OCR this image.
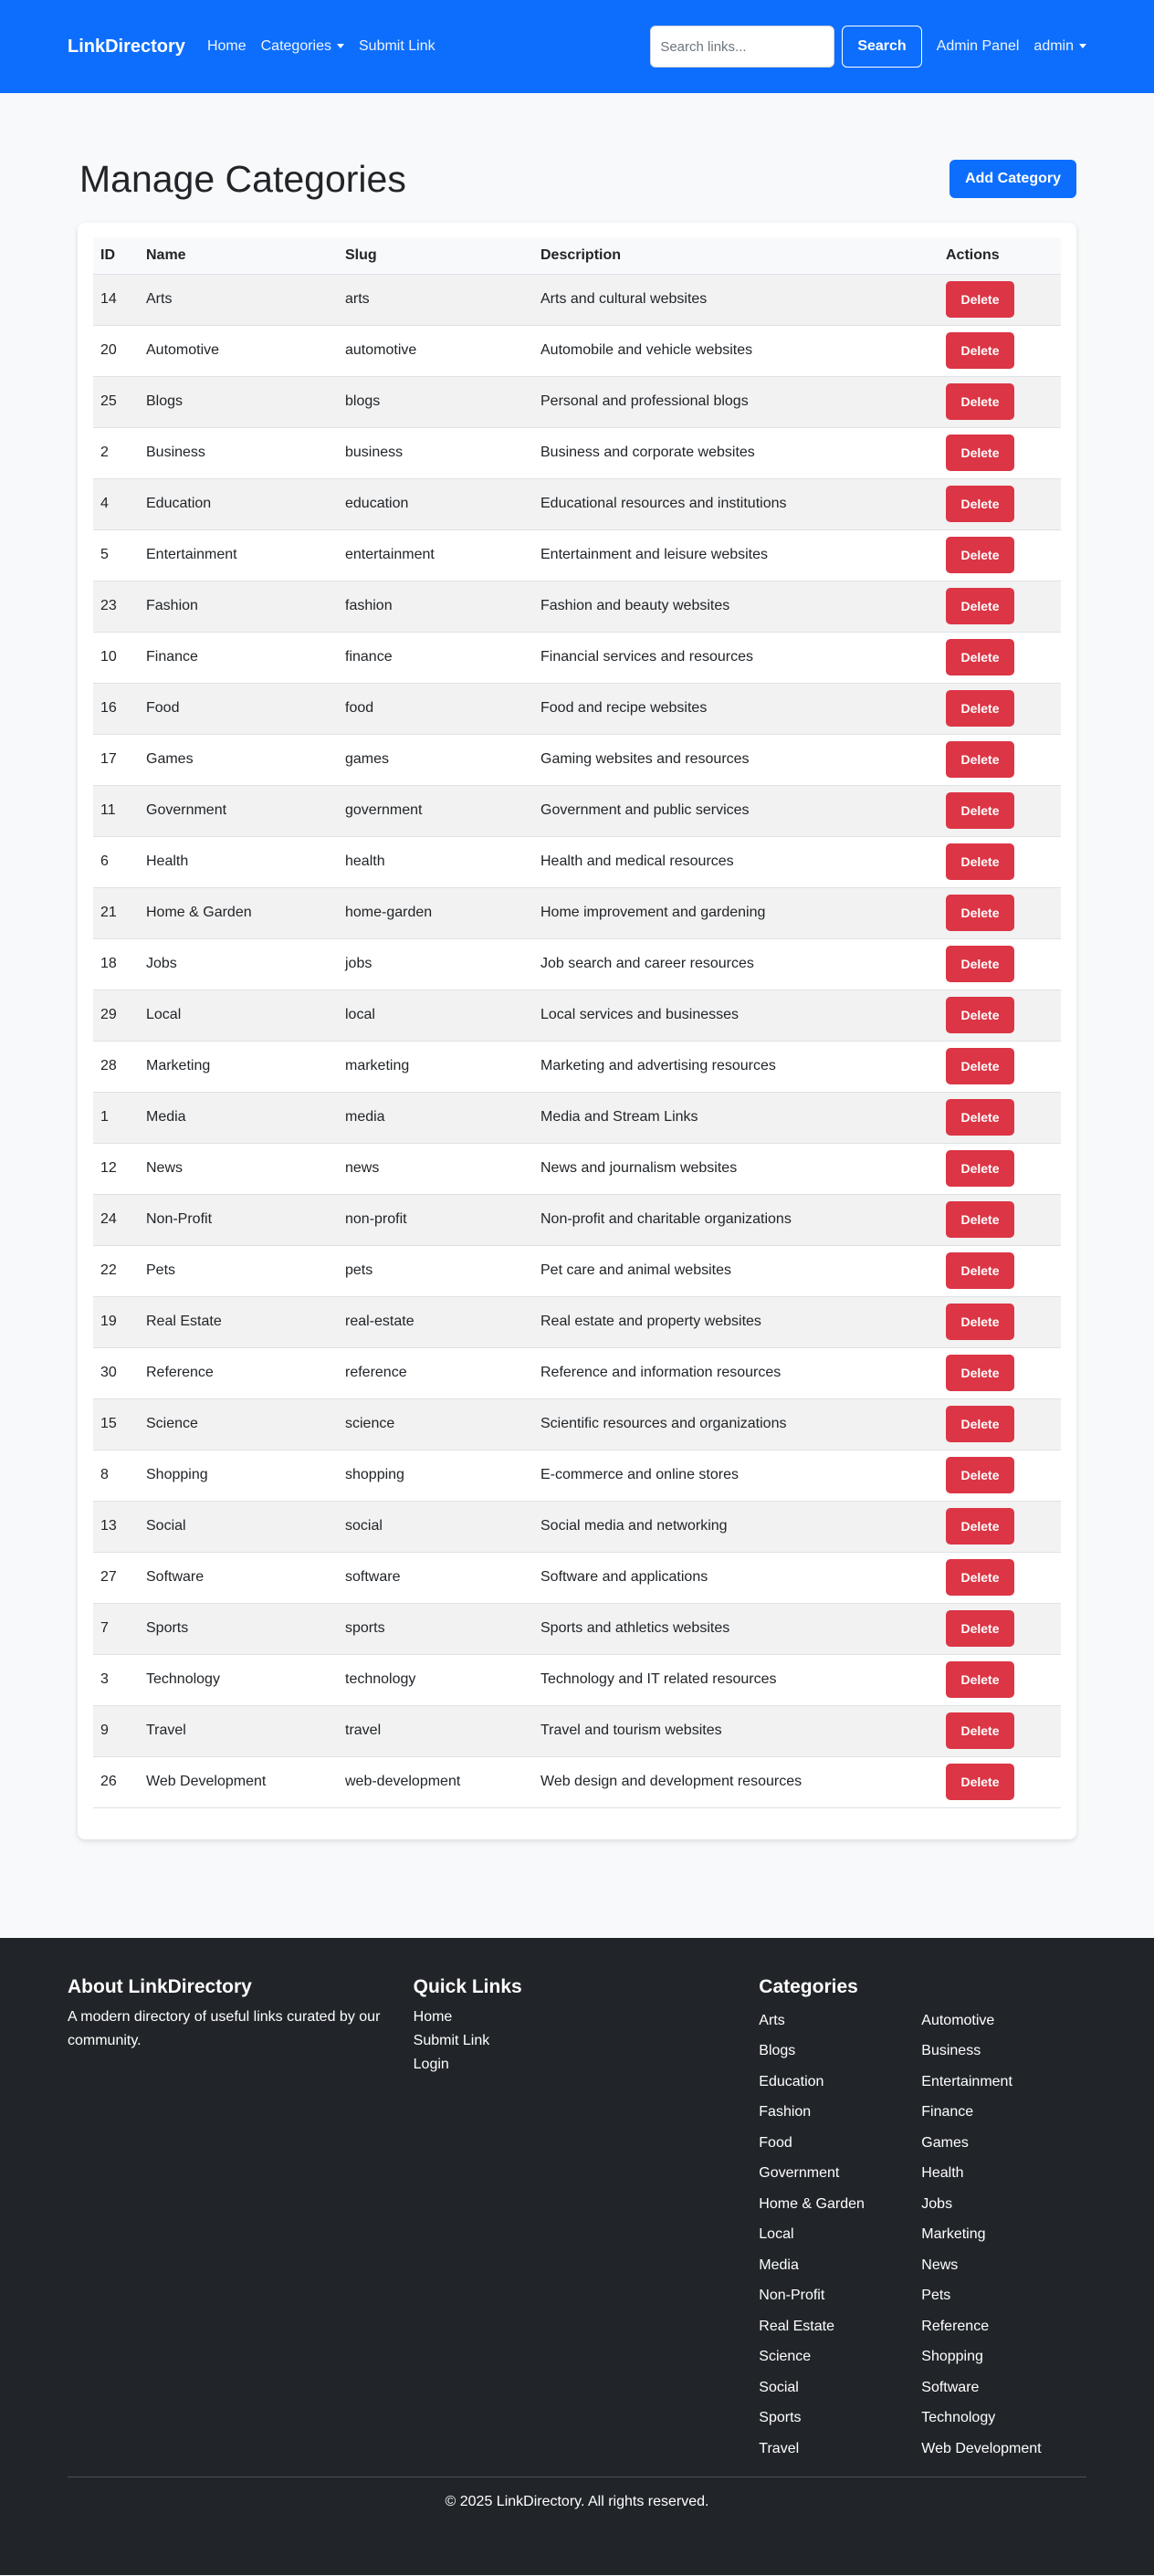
LinkDirectory Home Categories	Submit Link
Search links...	Search	Admin Panel admin
Manage Categories	Add Category
ID	Name	Slug	Description	Actions
14	Arts	arts	Arts and cultural websites	Delete
20	Automotive	automotive	Automobile and vehicle websites	Delete
25	Blogs	blogs	Personal and professional blogs	Delete
2	Business	business	Business and corporate websites	Delete
4	Education	education	Educational resources and institutions	Delete
5	Entertainment	entertainment	Entertainment and leisure websites	Delete
23	Fashion	fashion	Fashion and beauty websites	Delete
10	Finance	finance	Financial services and resources	Delete
16	Food	food	Food and recipe websites	Delete
17	Games	games	Gaming websites and resources	Delete
11	Government	government	Government and public services	Delete
6	Health	health	Health and medical resources	Delete
21	Home & Garden	home-garden	Home improvement and gardening	Delete
18	Jobs	jobs	Job search and career resources	Delete
29	Local	local	Local services and businesses	Delete
28	Marketing	marketing	Marketing and advertising resources	Delete
1	Media	media	Media and Stream Links	Delete
12	News	news	News and journalism websites	Delete
24	Non-Profit	non-profit	Non-profit and charitable organizations	Delete
22	Pets	pets	Pet care and animal websites	Delete
19	Real Estate	real-estate	Real estate and property websites	Delete
30	Reference	reference	Reference and information resources	Delete
15	Science	science	Scientific resources and organizations	Delete
8	Shopping	shopping	E-commerce and online stores	Delete
13	Social	social	Social media and networking	Delete
27	Software	software	Software and applications	Delete
7	Sports	sports	Sports and athletics websites	Delete
3	Technology	technology	Technology and IT related resources	Delete
9	Travel	travel	Travel and tourism websites	Delete
26	Web Development	web-development	Web design and development resources	Delete
About LinkDirectory

A modern directory of useful links curated by our community.

Quick Links
Home
Submit Link
Login
Categories
Arts	Automotive
Blogs	Business
Education	Entertainment
Fashion	Finance
Food	Games
Government	Health
Home & Garden	Jobs
Local	Marketing
Media	News
Non-Profit	Pets
Real Estate	Reference
Science	Shopping
Social	Software
Sports	Technology
Travel	Web Development

© 2025 LinkDirectory. All rights reserved.
